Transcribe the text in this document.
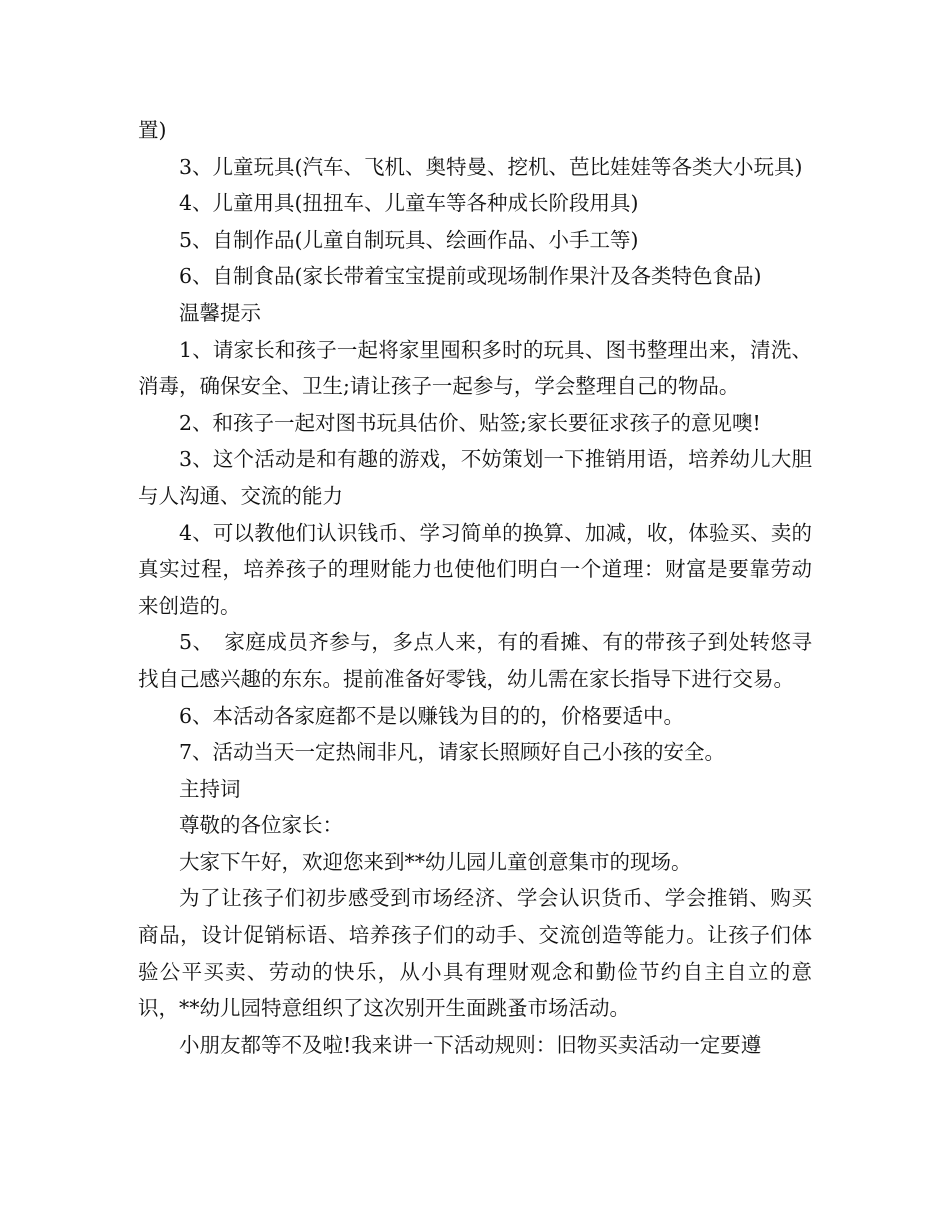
置)

3、儿童玩具(汽车、飞机、奥特曼、挖机、芭比娃娃等各类大小玩具)

4、儿童用具(扭扭车、儿童车等各种成长阶段用具)

5、自制作品(儿童自制玩具、绘画作品、小手工等)

6、自制食品(家长带着宝宝提前或现场制作果汁及各类特色食品)

温馨提示

1、请家长和孩子一起将家里囤积多时的玩具、图书整理出来，清洗、消毒，确保安全、卫生;请让孩子一起参与，学会整理自己的物品。

2、和孩子一起对图书玩具估价、贴签;家长要征求孩子的意见噢!

3、这个活动是和有趣的游戏，不妨策划一下推销用语，培养幼儿大胆与人沟通、交流的能力

4、可以教他们认识钱币、学习简单的换算、加减，收，体验买、卖的真实过程，培养孩子的理财能力也使他们明白一个道理：财富是要靠劳动来创造的。

5、　家庭成员齐参与，多点人来，有的看摊、有的带孩子到处转悠寻找自己感兴趣的东东。提前准备好零钱，幼儿需在家长指导下进行交易。

6、本活动各家庭都不是以赚钱为目的的，价格要适中。

7、活动当天一定热闹非凡，请家长照顾好自己小孩的安全。

主持词

尊敬的各位家长：

大家下午好，欢迎您来到**幼儿园儿童创意集市的现场。

为了让孩子们初步感受到市场经济、学会认识货币、学会推销、购买商品，设计促销标语、培养孩子们的动手、交流创造等能力。让孩子们体验公平买卖、劳动的快乐，从小具有理财观念和勤俭节约自主自立的意识，**幼儿园特意组织了这次别开生面跳蚤市场活动。

小朋友都等不及啦!我来讲一下活动规则：旧物买卖活动一定要遵
